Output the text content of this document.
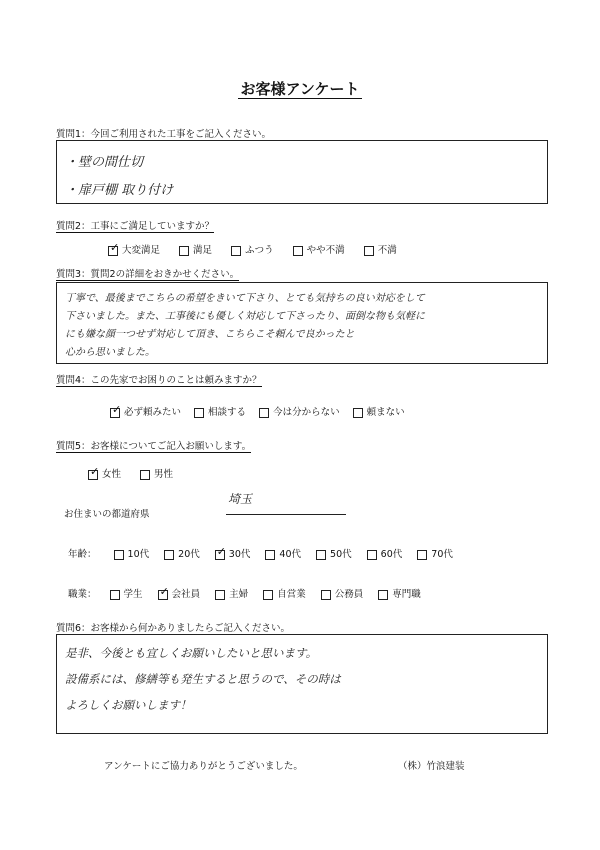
お客様アンケート
質問1：今回ご利用された工事をご記入ください。
・壁の間仕切
・扉戸棚 取り付け
質問2：工事にご満足していますか？
✓大変満足	満足	ふつう	やや不満	不満
質問3：質問2の詳細をおきかせください。
丁寧で、最後までこちらの希望をきいて下さり、とても気持ちの良い対応をして
下さいました。また、工事後にも優しく対応して下さったり、面倒な物も気軽に
にも嫌な顔一つせず対応して頂き、こちらこそ頼んで良かったと
心から思いました。
質問4：この先家でお困りのことは頼みますか？
✓必ず頼みたい	相談する	今は分からない	頼まない
質問5：お客様についてご記入お願いします。
✓女性	男性
お住まいの都道府県
埼玉
年齢：	10代	20代 ✓	30代	40代	50代	60代	70代
職業：	学生 ✓	会社員	主婦	自営業	公務員	専門職
質問6：お客様から何かありましたらご記入ください。
是非、今後とも宜しくお願いしたいと思います。
設備系には、修繕等も発生すると思うので、その時は
よろしくお願いします！
アンケートにご協力ありがとうございました。	（株）竹浪建装
